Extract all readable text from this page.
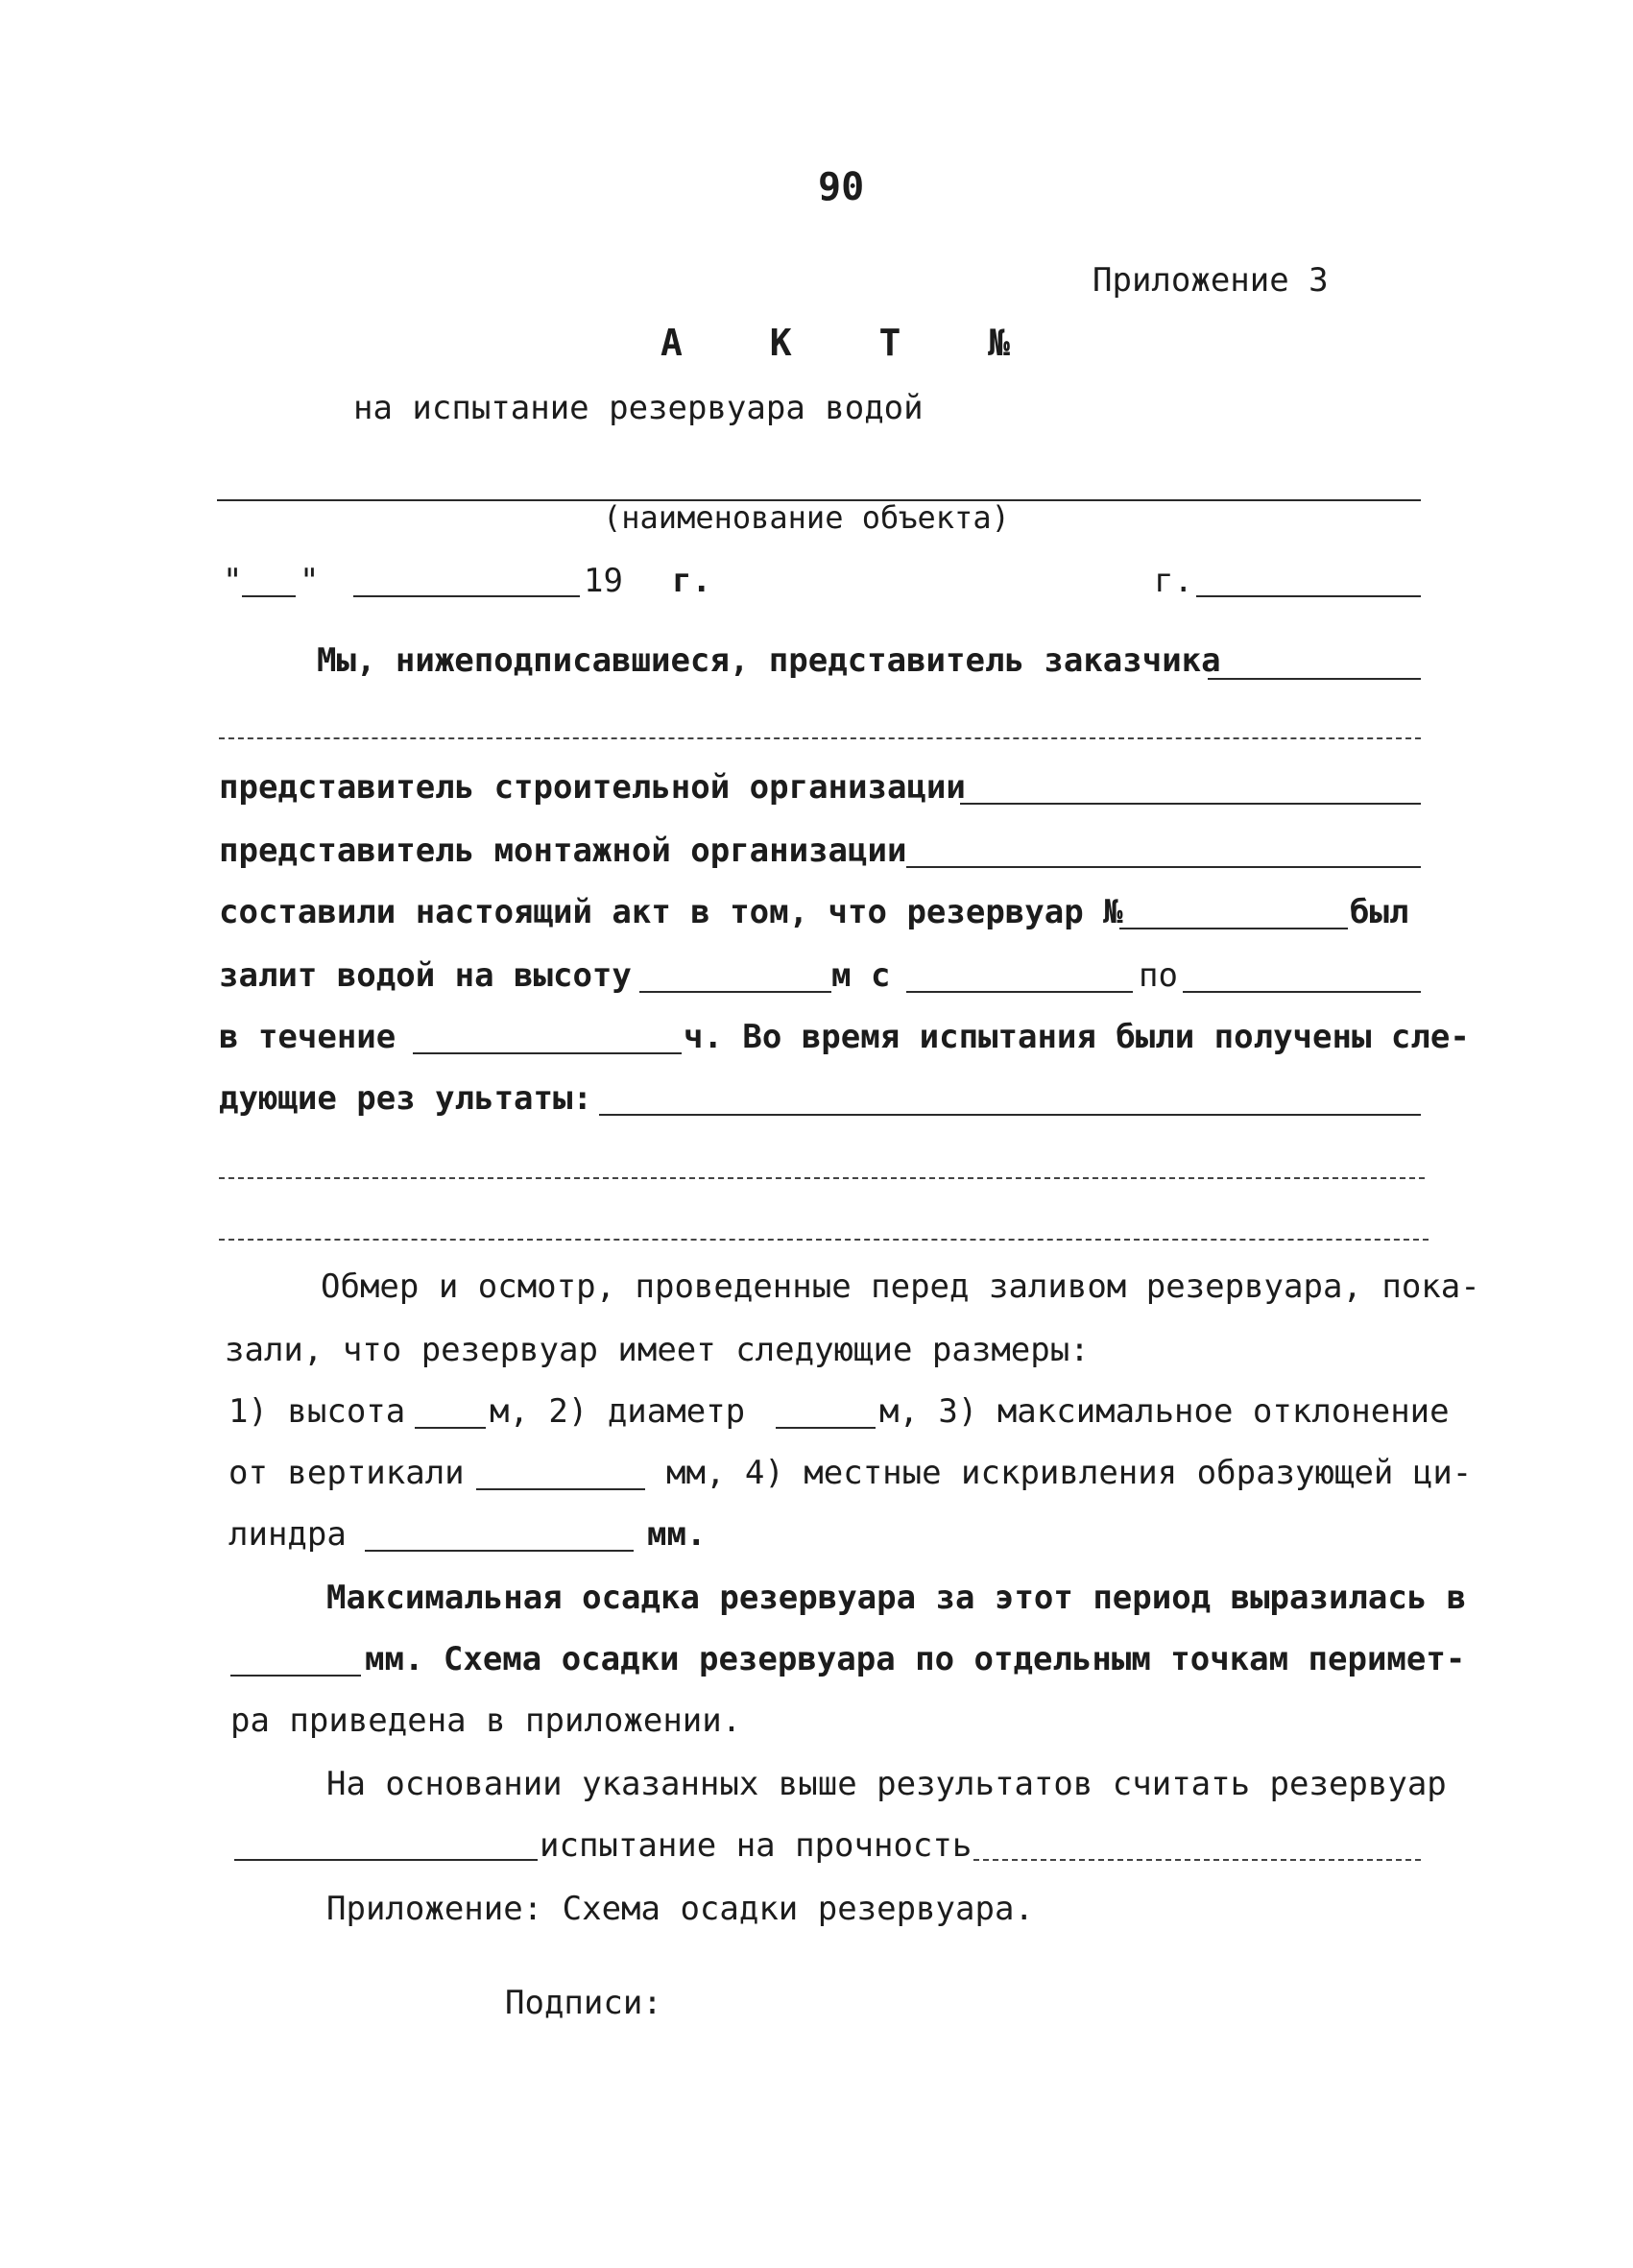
90
Приложение 3
А К Т №
на испытание резервуара водой
(наименование объекта)
" "	19 г.	г.
Мы, нижеподписавшиеся, представитель заказчика
представитель строительной организации
представитель монтажной организации
составили настоящий акт в том, что резервуар №	был
залит водой на высоту	м с	по
в течение	ч. Во время испытания были получены сле-
дующие рез ультаты:
Обмер и осмотр, проведенные перед заливом резервуара, пока-
зали, что резервуар имеет следующие размеры:
1) высота	м, 2) диаметр	м, 3) максимальное отклонение
от вертикали	мм, 4) местные искривления образующей ци-
линдра	мм.
Максимальная осадка резервуара за этот период выразилась в
мм. Схема осадки резервуара по отдельным точкам перимет-
ра приведена в приложении.
На основании указанных выше результатов считать резервуар
испытание на прочность
Приложение: Схема осадки резервуара.
Подписи:
